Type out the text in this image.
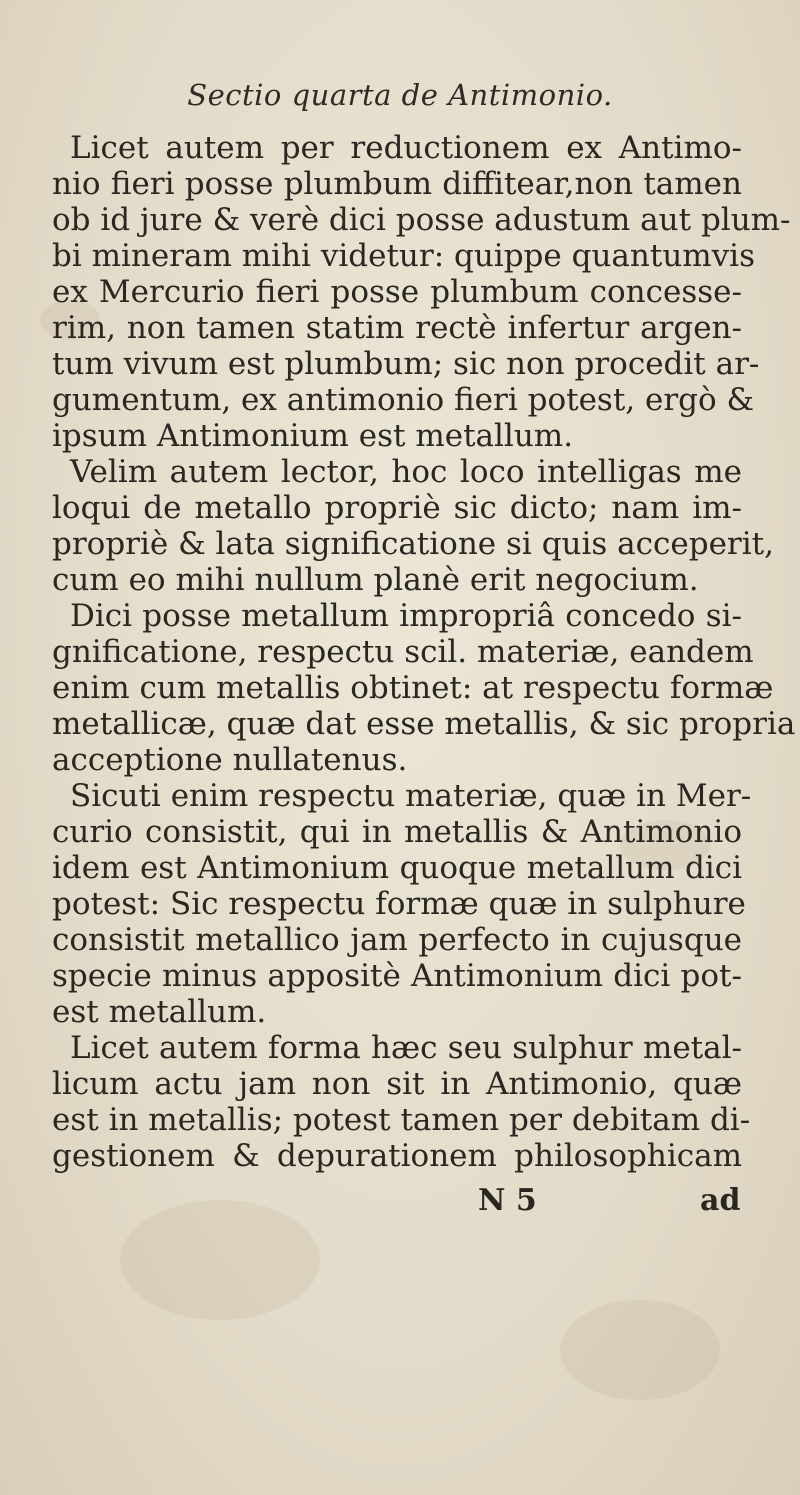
Sectio quarta de Antimonio.
Licet autem per reductionem ex Antimo-
nio fieri posse plumbum diffitear,non tamen
ob id jure & verè dici posse adustum aut plum-
bi mineram mihi videtur: quippe quantumvis
ex Mercurio fieri posse plumbum concesse-
rim, non tamen statim rectè infertur argen-
tum vivum est plumbum; sic non procedit ar-
gumentum, ex antimonio fieri potest, ergò &
ipsum Antimonium est metallum.
Velim autem lector, hoc loco intelligas me
loqui de metallo propriè sic dicto; nam im-
propriè & lata significatione si quis acceperit,
cum eo mihi nullum planè erit negocium.
Dici posse metallum impropriâ concedo si-
gnificatione, respectu scil. materiæ, eandem
enim cum metallis obtinet: at respectu formæ
metallicæ, quæ dat esse metallis, & sic propria
acceptione nullatenus.
Sicuti enim respectu materiæ, quæ in Mer-
curio consistit, qui in metallis & Antimonio
idem est Antimonium quoque metallum dici
potest: Sic respectu formæ quæ in sulphure
consistit metallico jam perfecto in cujusque
specie minus appositè Antimonium dici pot-
est metallum.
Licet autem forma hæc seu sulphur metal-
licum actu jam non sit in Antimonio, quæ
est in metallis; potest tamen per debitam di-
gestionem & depurationem philosophicam
N 5	ad
